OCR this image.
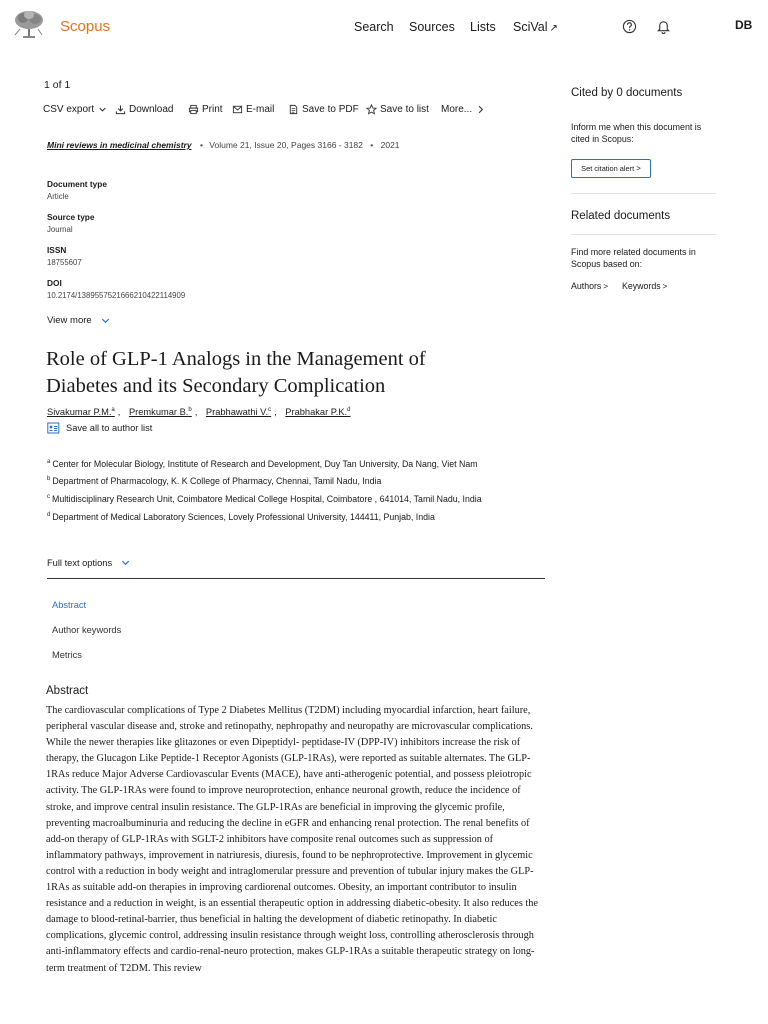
Scopus	Search Sources Lists SciVal ↗	DB
1 of 1
CSV export	Download	Print E-mail	Save to PDF Save to list More...
Mini reviews in medicinal chemistry • Volume 21, Issue 20, Pages 3166 - 3182 • 2021
Document type
Article
Source type
Journal
ISSN
18755607
DOI
10.2174/1389557521666210422114909
View more
Role of GLP-1 Analogs in the Management of
Diabetes and its Secondary Complication
Sivakumar P.M.$^a$ , Premkumar B.$^b$ , Prabhawathi V.$^c$ , Prabhakar P.K.$^d$
Save all to author list
$^a$ Center for Molecular Biology, Institute of Research and Development, Duy Tan University, Da Nang, Viet Nam
$^b$ Department of Pharmacology, K. K College of Pharmacy, Chennai, Tamil Nadu, India
$^c$ Multidisciplinary Research Unit, Coimbatore Medical College Hospital, Coimbatore , 641014, Tamil Nadu, India
$^d$ Department of Medical Laboratory Sciences, Lovely Professional University, 144411, Punjab, India
Full text options
Abstract
Author keywords
Metrics
Abstract
The cardiovascular complications of Type 2 Diabetes Mellitus (T2DM) including myocardial infarction, heart failure, peripheral vascular disease and, stroke and retinopathy, nephropathy and neuropathy are microvascular complications. While the newer therapies like glitazones or even Dipeptidyl- peptidase-IV (DPP-IV) inhibitors increase the risk of therapy, the Glucagon Like Peptide-1 Receptor Agonists (GLP-1RAs), were reported as suitable alternates. The GLP-1RAs reduce Major Adverse Cardiovascular Events (MACE), have anti-atherogenic potential, and possess pleiotropic activity. The GLP-1RAs were found to improve neuroprotection, enhance neuronal growth, reduce the incidence of stroke, and improve central insulin resistance. The GLP-1RAs are beneficial in improving the glycemic profile, preventing macroalbuminuria and reducing the decline in eGFR and enhancing renal protection. The renal benefits of add-on therapy of GLP-1RAs with SGLT-2 inhibitors have composite renal outcomes such as suppression of inflammatory pathways, improvement in natriuresis, diuresis, found to be nephroprotective. Improvement in glycemic control with a reduction in body weight and intraglomerular pressure and prevention of tubular injury makes the GLP-1RAs as suitable add-on therapies in improving cardiorenal outcomes. Obesity, an important contributor to insulin resistance and a reduction in weight, is an essential therapeutic option in addressing diabetic-obesity. It also reduces the damage to blood-retinal-barrier, thus beneficial in halting the development of diabetic retinopathy. In diabetic complications, glycemic control, addressing insulin resistance through weight loss, controlling atherosclerosis through anti-inflammatory effects and cardio-renal-neuro protection, makes GLP-1RAs a suitable therapeutic strategy on long-term treatment of T2DM. This review
Cited by 0 documents
Inform me when this document is cited in Scopus:
Set citation alert >
Related documents
Find more related documents in Scopus based on:
Authors > Keywords >
